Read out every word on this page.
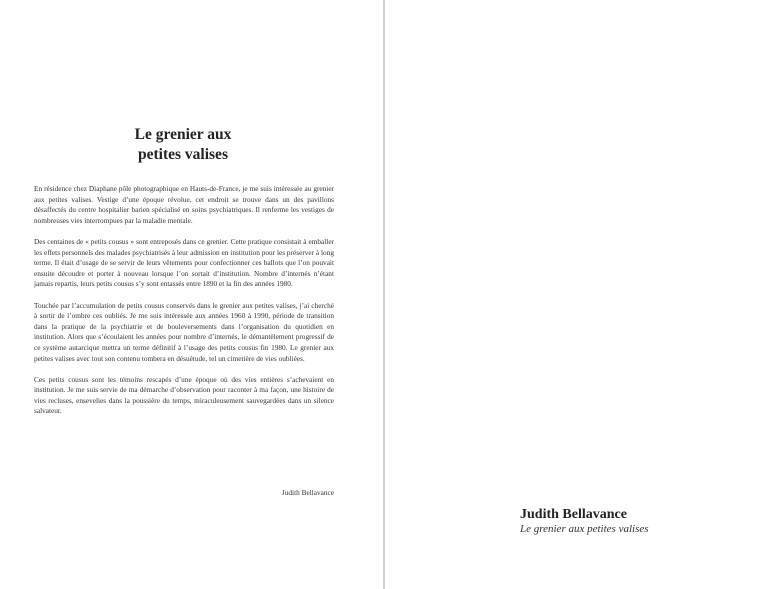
Le grenier aux
petites valises

En résidence chez Diaphane pôle photographique en Hauts-de-France, je me suis intéressée au grenier aux petites valises. Vestige d’une époque révolue, cet endroit se trouve dans un des pavillons désaffectés du centre hospitalier barien spécialisé en soins psychiatriques. Il renferme les vestiges de nombreuses vies interrompues par la maladie mentale.

Des centaines de « petits cousus » sont entreposés dans ce grenier. Cette pratique consistait à emballer les effets personnels des malades psychiatrisés à leur admission en institution pour les préserver à long terme. Il était d’usage de se servir de leurs vêtements pour confectionner ces ballots que l’on pouvait ensuite découdre et porter à nouveau lorsque l’on sortait d’institution. Nombre d’internés n’étant jamais repartis, leurs petits cousus s’y sont entassés entre 1890 et la fin des années 1980.

Touchée par l’accumulation de petits cousus conservés dans le grenier aux petites valises, j’ai cherché à sortir de l’ombre ces oubliés. Je me suis intéressée aux années 1960 à 1990, période de transition dans la pratique de la psychiatrie et de bouleversements dans l’organisation du quotidien en institution. Alors que s’écoulaient les années pour nombre d’internés, le démantèlement progressif de ce système autarcique mettra un terme définitif à l’usage des petits cousus fin 1980. Le grenier aux petites valises avec tout son contenu tombera en désuétude, tel un cimetière de vies oubliées.

Ces petits cousus sont les témoins rescapés d’une époque où des vies entières s’achevaient en institution. Je me suis servie de ma démarche d’observation pour raconter à ma façon, une histoire de vies recluses, ensevelies dans la poussière du temps, miraculeusement sauvegardées dans un silence salvateur.

Judith Bellavance
Judith Bellavance
Le grenier aux petites valises
